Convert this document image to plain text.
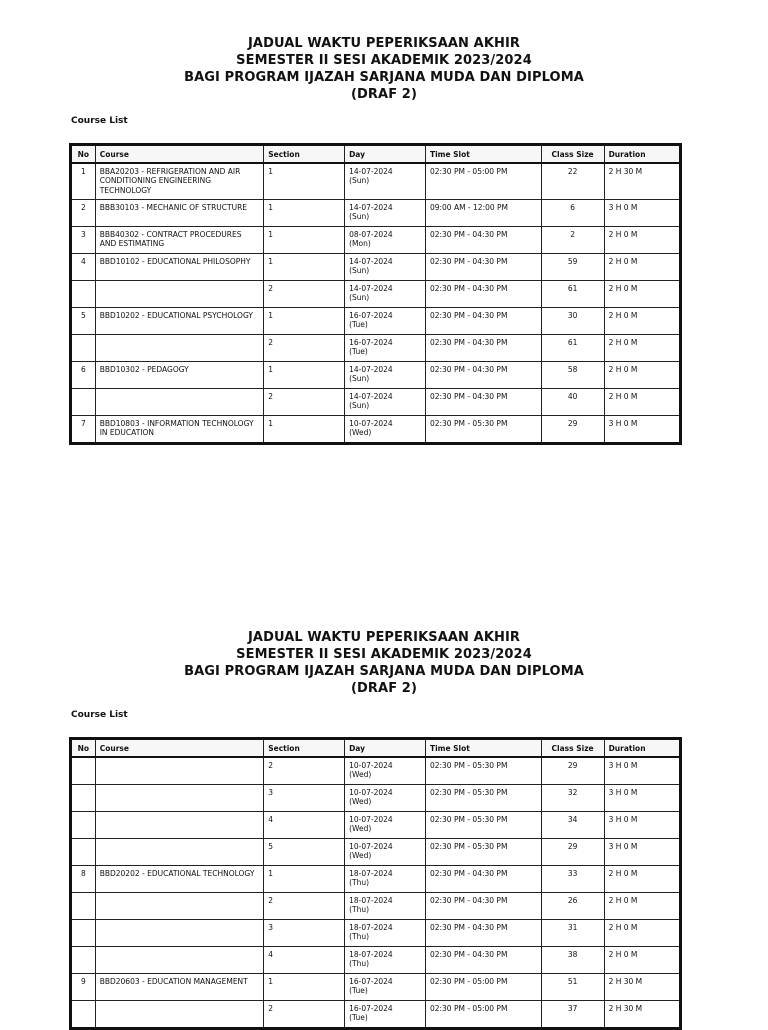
JADUAL WAKTU PEPERIKSAAN AKHIR
SEMESTER II SESI AKADEMIK 2023/2024
BAGI PROGRAM IJAZAH SARJANA MUDA DAN DIPLOMA
(DRAF 2)
Course List
No	Course	Section	Day	Time Slot	Class Size	Duration
1	BBA20203 - REFRIGERATION AND AIR CONDITIONING ENGINEERING TECHNOLOGY	1	14-07-2024
(Sun)	02:30 PM - 05:00 PM	22	2 H 30 M
2	BBB30103 - MECHANIC OF STRUCTURE	1	14-07-2024
(Sun)	09:00 AM - 12:00 PM	6	3 H 0 M
3	BBB40302 - CONTRACT PROCEDURES AND ESTIMATING	1	08-07-2024
(Mon)	02:30 PM - 04:30 PM	2	2 H 0 M
4	BBD10102 - EDUCATIONAL PHILOSOPHY	1	14-07-2024
(Sun)	02:30 PM - 04:30 PM	59	2 H 0 M
		2	14-07-2024
(Sun)	02:30 PM - 04:30 PM	61	2 H 0 M
5	BBD10202 - EDUCATIONAL PSYCHOLOGY	1	16-07-2024
(Tue)	02:30 PM - 04:30 PM	30	2 H 0 M
		2	16-07-2024
(Tue)	02:30 PM - 04:30 PM	61	2 H 0 M
6	BBD10302 - PEDAGOGY	1	14-07-2024
(Sun)	02:30 PM - 04:30 PM	58	2 H 0 M
		2	14-07-2024
(Sun)	02:30 PM - 04:30 PM	40	2 H 0 M
7	BBD10803 - INFORMATION TECHNOLOGY IN EDUCATION	1	10-07-2024
(Wed)	02:30 PM - 05:30 PM	29	3 H 0 M
JADUAL WAKTU PEPERIKSAAN AKHIR
SEMESTER II SESI AKADEMIK 2023/2024
BAGI PROGRAM IJAZAH SARJANA MUDA DAN DIPLOMA
(DRAF 2)
Course List
No	Course	Section	Day	Time Slot	Class Size	Duration
		2	10-07-2024
(Wed)	02:30 PM - 05:30 PM	29	3 H 0 M
		3	10-07-2024
(Wed)	02:30 PM - 05:30 PM	32	3 H 0 M
		4	10-07-2024
(Wed)	02:30 PM - 05:30 PM	34	3 H 0 M
		5	10-07-2024
(Wed)	02:30 PM - 05:30 PM	29	3 H 0 M
8	BBD20202 - EDUCATIONAL TECHNOLOGY	1	18-07-2024
(Thu)	02:30 PM - 04:30 PM	33	2 H 0 M
		2	18-07-2024
(Thu)	02:30 PM - 04:30 PM	26	2 H 0 M
		3	18-07-2024
(Thu)	02:30 PM - 04:30 PM	31	2 H 0 M
		4	18-07-2024
(Thu)	02:30 PM - 04:30 PM	38	2 H 0 M
9	BBD20603 - EDUCATION MANAGEMENT	1	16-07-2024
(Tue)	02:30 PM - 05:00 PM	51	2 H 30 M
		2	16-07-2024
(Tue)	02:30 PM - 05:00 PM	37	2 H 30 M
